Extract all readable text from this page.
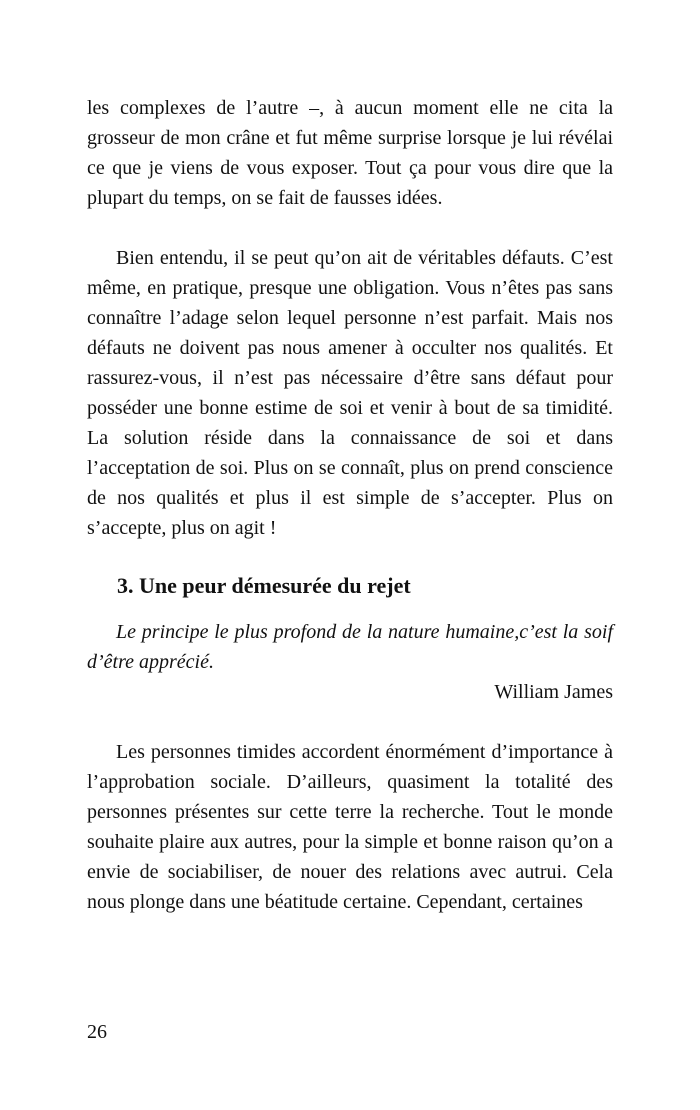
les complexes de l’autre –, à aucun moment elle ne cita la grosseur de mon crâne et fut même surprise lorsque je lui révélai ce que je viens de vous exposer. Tout ça pour vous dire que la plupart du temps, on se fait de fausses idées.

Bien entendu, il se peut qu’on ait de véritables défauts. C’est même, en pratique, presque une obligation. Vous n’êtes pas sans connaître l’adage selon lequel personne n’est parfait. Mais nos défauts ne doivent pas nous amener à occulter nos qualités. Et rassurez-vous, il n’est pas nécessaire d’être sans défaut pour posséder une bonne estime de soi et venir à bout de sa timidité. La solution réside dans la connaissance de soi et dans l’acceptation de soi. Plus on se connaît, plus on prend conscience de nos qualités et plus il est simple de s’accepter. Plus on s’accepte, plus on agit !

3. Une peur démesurée du rejet

Le principe le plus profond de la nature humaine,c’est la soif d’être apprécié.

William James

Les personnes timides accordent énormément d’importance à l’approbation sociale. D’ailleurs, quasiment la totalité des personnes présentes sur cette terre la recherche. Tout le monde souhaite plaire aux autres, pour la simple et bonne raison qu’on a envie de sociabiliser, de nouer des relations avec autrui. Cela nous plonge dans une béatitude certaine. Cependant, certaines

26
